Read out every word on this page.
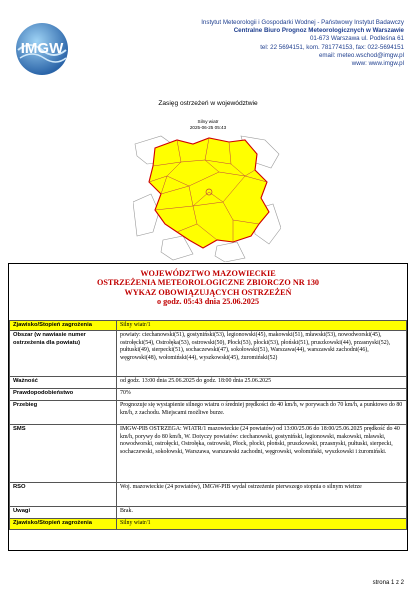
IMGW
Instytut Meteorologii i Gospodarki Wodnej - Państwowy Instytut Badawczy
Centralne Biuro Prognoz Meteorologicznych w Warszawie
01-673 Warszawa ul. Podleśna 61
tel: 22 5694151, kom. 781774153, fax: 022-5694151
email: meteo.wschod@imgw.pl
www: www.imgw.pl
Zasięg ostrzeżeń w województwie
Silny wiatr
2025-06-25 05:43
WOJEWÓDZTWO MAZOWIECKIE
OSTRZEŻENIA METEOROLOGICZNE ZBIORCZO NR 130
WYKAZ OBOWIĄZUJĄCYCH OSTRZEŻEŃ
o godz. 05:43 dnia 25.06.2025
Zjawisko/Stopień zagrożenia	Silny wiatr/1
Obszar (w nawiasie numer ostrzeżenia dla powiatu)	powiaty: ciechanowski(51), gostyniński(53), legionowski(45), makowski(51), mławski(53), nowodworski(45), ostrołęcki(54), Ostrołęka(53), ostrowski(50), Płock(53), płocki(53), płoński(51), pruszkowski(44), przasnyski(52), pułtuski(49), sierpecki(51), sochaczewski(47), sokołowski(51), Warszawa(44), warszawski zachodni(46), węgrowski(48), wołomiński(44), wyszkowski(45), żuromiński(52)
Ważność	od godz. 13:00 dnia 25.06.2025 do godz. 18:00 dnia 25.06.2025
Prawdopodobieństwo	70%
Przebieg	Prognozuje się wystąpienie silnego wiatru o średniej prędkości do 40 km/h, w porywach do 70 km/h, a punktowo do 80 km/h, z zachodu. Miejscami możliwe burze.
SMS	IMGW-PIB OSTRZEGA: WIATR/1 mazowieckie (24 powiatów) od 13:00/25.06 do 18:00/25.06.2025 prędkość do 40 km/h, porywy do 80 km/h, W. Dotyczy powiatów: ciechanowski, gostyniński, legionowski, makowski, mławski, nowodworski, ostrołęcki, Ostrołęka, ostrowski, Płock, płocki, płoński, pruszkowski, przasnyski, pułtuski, sierpecki, sochaczewski, sokołowski, Warszawa, warszawski zachodni, węgrowski, wołomiński, wyszkowski i żuromiński.
RSO	Woj. mazowieckie (24 powiatów), IMGW-PIB wydał ostrzeżenie pierwszego stopnia o silnym wietrze
Uwagi	Brak.
Zjawisko/Stopień zagrożenia	Silny wiatr/1
strona 1 z 2
